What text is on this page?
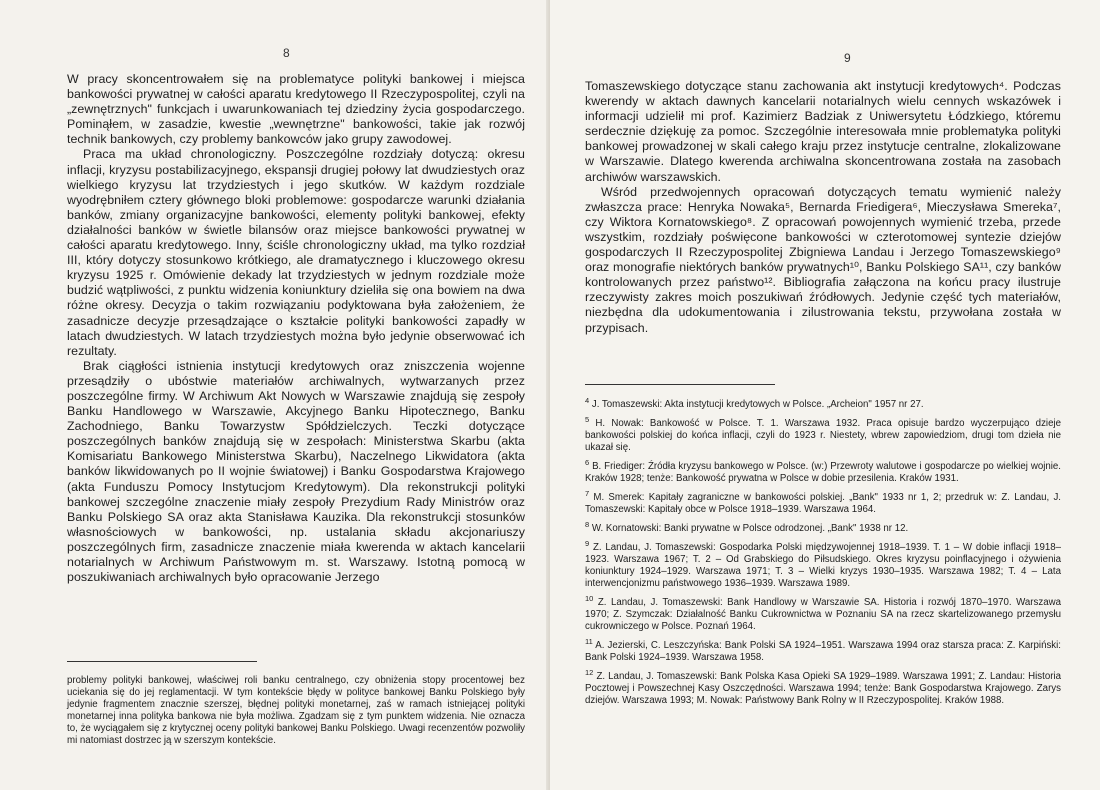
8

W pracy skoncentrowałem się na problematyce polityki bankowej i miejsca bankowości prywatnej w całości aparatu kredytowego II Rzeczypospolitej, czyli na „zewnętrznych" funkcjach i uwarunkowaniach tej dziedziny życia gospodarczego. Pominąłem, w zasadzie, kwestie „wewnętrzne" bankowości, takie jak rozwój technik bankowych, czy problemy bankowców jako grupy zawodowej.

Praca ma układ chronologiczny. Poszczególne rozdziały dotyczą: okresu inflacji, kryzysu postabilizacyjnego, ekspansji drugiej połowy lat dwudziestych oraz wielkiego kryzysu lat trzydziestych i jego skutków. W każdym rozdziale wyodrębniłem cztery głównego bloki problemowe: gospodarcze warunki działania banków, zmiany organizacyjne bankowości, elementy polityki bankowej, efekty działalności banków w świetle bilansów oraz miejsce bankowości prywatnej w całości aparatu kredytowego. Inny, ściśle chronologiczny układ, ma tylko rozdział III, który dotyczy stosunkowo krótkiego, ale dramatycznego i kluczowego okresu kryzysu 1925 r. Omówienie dekady lat trzydziestych w jednym rozdziale może budzić wątpliwości, z punktu widzenia koniunktury dzieliła się ona bowiem na dwa różne okresy. Decyzja o takim rozwiązaniu podyktowana była założeniem, że zasadnicze decyzje przesądzające o kształcie polityki bankowości zapadły w latach dwudziestych. W latach trzydziestych można było jedynie obserwować ich rezultaty.

Brak ciągłości istnienia instytucji kredytowych oraz zniszczenia wojenne przesądziły o ubóstwie materiałów archiwalnych, wytwarzanych przez poszczególne firmy. W Archiwum Akt Nowych w Warszawie znajdują się zespoły Banku Handlowego w Warszawie, Akcyjnego Banku Hipotecznego, Banku Zachodniego, Banku Towarzystw Spółdzielczych. Teczki dotyczące poszczególnych banków znajdują się w zespołach: Ministerstwa Skarbu (akta Komisariatu Bankowego Ministerstwa Skarbu), Naczelnego Likwidatora (akta banków likwidowanych po II wojnie światowej) i Banku Gospodarstwa Krajowego (akta Funduszu Pomocy Instytucjom Kredytowym). Dla rekonstrukcji polityki bankowej szczególne znaczenie miały zespoły Prezydium Rady Ministrów oraz Banku Polskiego SA oraz akta Stanisława Kauzika. Dla rekonstrukcji stosunków własnościowych w bankowości, np. ustalania składu akcjonariuszy poszczególnych firm, zasadnicze znaczenie miała kwerenda w aktach kancelarii notarialnych w Archiwum Państwowym m. st. Warszawy. Istotną pomocą w poszukiwaniach archiwalnych było opracowanie Jerzego

problemy polityki bankowej, właściwej roli banku centralnego, czy obniżenia stopy procentowej bez uciekania się do jej reglamentacji. W tym kontekście błędy w polityce bankowej Banku Polskiego były jedynie fragmentem znacznie szerszej, błędnej polityki monetarnej, zaś w ramach istniejącej polityki monetarnej inna polityka bankowa nie była możliwa. Zgadzam się z tym punktem widzenia. Nie oznacza to, że wyciągałem się z krytycznej oceny polityki bankowej Banku Polskiego. Uwagi recenzentów pozwoliły mi natomiast dostrzec ją w szerszym kontekście.
9

Tomaszewskiego dotyczące stanu zachowania akt instytucji kredytowych⁴. Podczas kwerendy w aktach dawnych kancelarii notarialnych wielu cennych wskazówek i informacji udzielił mi prof. Kazimierz Badziak z Uniwersytetu Łódzkiego, któremu serdecznie dziękuję za pomoc. Szczególnie interesowała mnie problematyka polityki bankowej prowadzonej w skali całego kraju przez instytucje centralne, zlokalizowane w Warszawie. Dlatego kwerenda archiwalna skoncentrowana została na zasobach archiwów warszawskich.

Wśród przedwojennych opracowań dotyczących tematu wymienić należy zwłaszcza prace: Henryka Nowaka⁵, Bernarda Friedigera⁶, Mieczysława Smereka⁷, czy Wiktora Kornatowskiego⁸. Z opracowań powojennych wymienić trzeba, przede wszystkim, rozdziały poświęcone bankowości w czterotomowej syntezie dziejów gospodarczych II Rzeczypospolitej Zbigniewa Landau i Jerzego Tomaszewskiego⁹ oraz monografie niektórych banków prywatnych¹⁰, Banku Polskiego SA¹¹, czy banków kontrolowanych przez państwo¹². Bibliografia załączona na końcu pracy ilustruje rzeczywisty zakres moich poszukiwań źródłowych. Jedynie część tych materiałów, niezbędna dla udokumentowania i zilustrowania tekstu, przywołana została w przypisach.

$^4$ J. Tomaszewski: Akta instytucji kredytowych w Polsce. „Archeion" 1957 nr 27.
$^5$ H. Nowak: Bankowość w Polsce. T. 1. Warszawa 1932. Praca opisuje bardzo wyczerpująco dzieje bankowości polskiej do końca inflacji, czyli do 1923 r. Niestety, wbrew zapowiedziom, drugi tom dzieła nie ukazał się.
$^6$ B. Friediger: Źródła kryzysu bankowego w Polsce. (w:) Przewroty walutowe i gospodarcze po wielkiej wojnie. Kraków 1928; tenże: Bankowość prywatna w Polsce w dobie przesilenia. Kraków 1931.
$^7$ M. Smerek: Kapitały zagraniczne w bankowości polskiej. „Bank" 1933 nr 1, 2; przedruk w: Z. Landau, J. Tomaszewski: Kapitały obce w Polsce 1918–1939. Warszawa 1964.
$^8$ W. Kornatowski: Banki prywatne w Polsce odrodzonej. „Bank" 1938 nr 12.
$^9$ Z. Landau, J. Tomaszewski: Gospodarka Polski międzywojennej 1918–1939. T. 1 – W dobie inflacji 1918–1923. Warszawa 1967; T. 2 – Od Grabskiego do Piłsudskiego. Okres kryzysu poinflacyjnego i ożywienia koniunktury 1924–1929. Warszawa 1971; T. 3 – Wielki kryzys 1930–1935. Warszawa 1982; T. 4 – Lata interwencjonizmu państwowego 1936–1939. Warszawa 1989.
$^{10}$ Z. Landau, J. Tomaszewski: Bank Handlowy w Warszawie SA. Historia i rozwój 1870–1970. Warszawa 1970; Z. Szymczak: Działalność Banku Cukrownictwa w Poznaniu SA na rzecz skartelizowanego przemysłu cukrowniczego w Polsce. Poznań 1964.
$^{11}$ A. Jezierski, C. Leszczyńska: Bank Polski SA 1924–1951. Warszawa 1994 oraz starsza praca: Z. Karpiński: Bank Polski 1924–1939. Warszawa 1958.
$^{12}$ Z. Landau, J. Tomaszewski: Bank Polska Kasa Opieki SA 1929–1989. Warszawa 1991; Z. Landau: Historia Pocztowej i Powszechnej Kasy Oszczędności. Warszawa 1994; tenże: Bank Gospodarstwa Krajowego. Zarys dziejów. Warszawa 1993; M. Nowak: Państwowy Bank Rolny w II Rzeczypospolitej. Kraków 1988.
